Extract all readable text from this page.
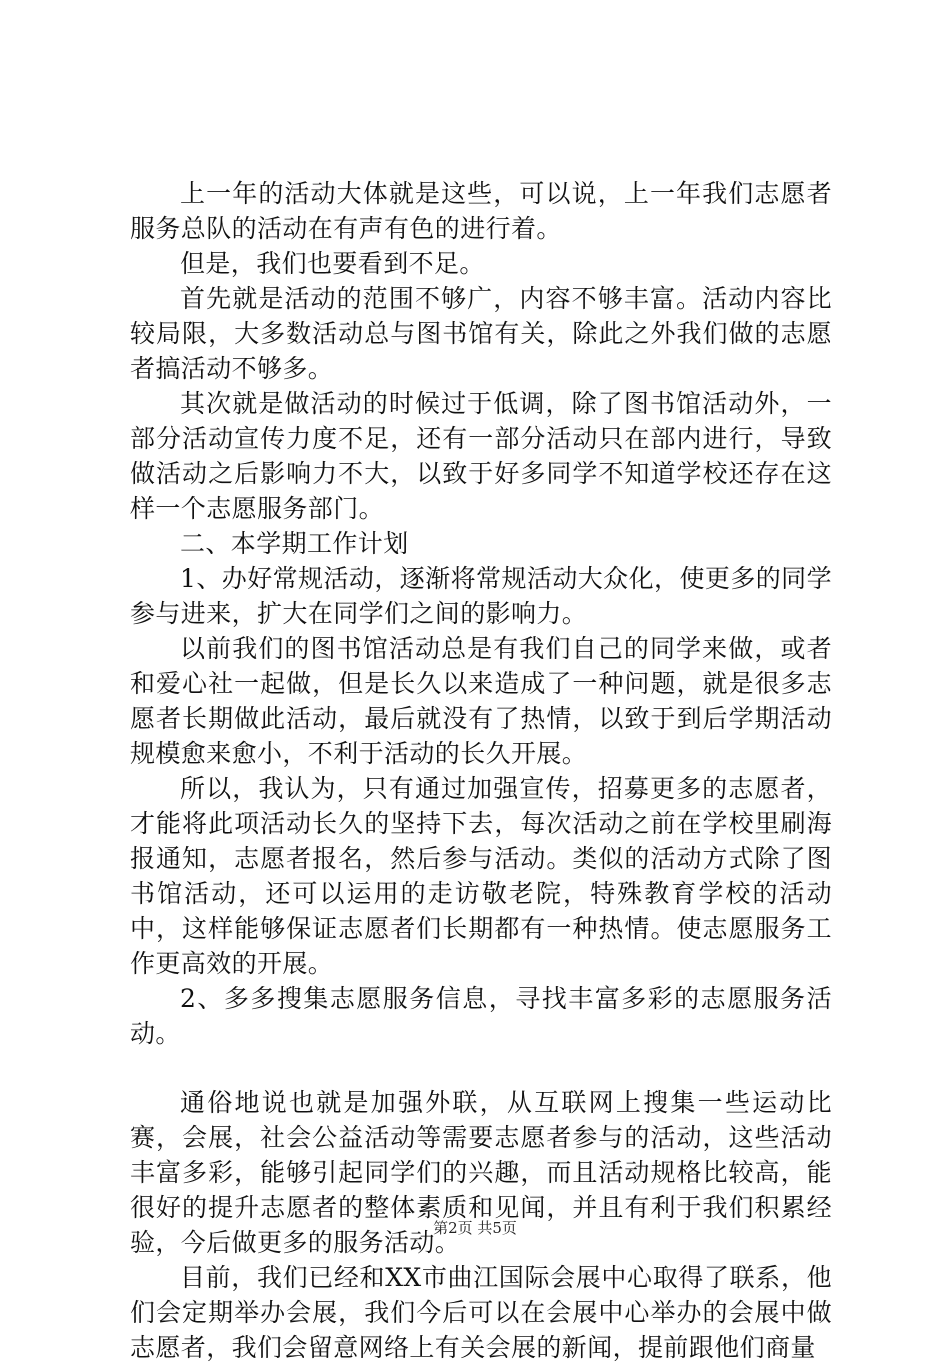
上一年的活动大体就是这些，可以说，上一年我们志愿者服务总队的活动在有声有色的进行着。

但是，我们也要看到不足。

首先就是活动的范围不够广，内容不够丰富。活动内容比较局限，大多数活动总与图书馆有关，除此之外我们做的志愿者搞活动不够多。

其次就是做活动的时候过于低调，除了图书馆活动外，一部分活动宣传力度不足，还有一部分活动只在部内进行，导致做活动之后影响力不大，以致于好多同学不知道学校还存在这样一个志愿服务部门。

二、本学期工作计划

1、办好常规活动，逐渐将常规活动大众化，使更多的同学参与进来，扩大在同学们之间的影响力。

以前我们的图书馆活动总是有我们自己的同学来做，或者和爱心社一起做，但是长久以来造成了一种问题，就是很多志愿者长期做此活动，最后就没有了热情，以致于到后学期活动规模愈来愈小，不利于活动的长久开展。

所以，我认为，只有通过加强宣传，招募更多的志愿者，才能将此项活动长久的坚持下去，每次活动之前在学校里刷海报通知，志愿者报名，然后参与活动。类似的活动方式除了图书馆活动，还可以运用的走访敬老院，特殊教育学校的活动中，这样能够保证志愿者们长期都有一种热情。使志愿服务工作更高效的开展。

2、多多搜集志愿服务信息，寻找丰富多彩的志愿服务活动。

通俗地说也就是加强外联，从互联网上搜集一些运动比赛，会展，社会公益活动等需要志愿者参与的活动，这些活动丰富多彩，能够引起同学们的兴趣，而且活动规格比较高，能很好的提升志愿者的整体素质和见闻，并且有利于我们积累经验，今后做更多的服务活动。

目前，我们已经和XX市曲江国际会展中心取得了联系，他们会定期举办会展，我们今后可以在会展中心举办的会展中做志愿者，我们会留意网络上有关会展的新闻，提前跟他们商量

第2页 共5页
